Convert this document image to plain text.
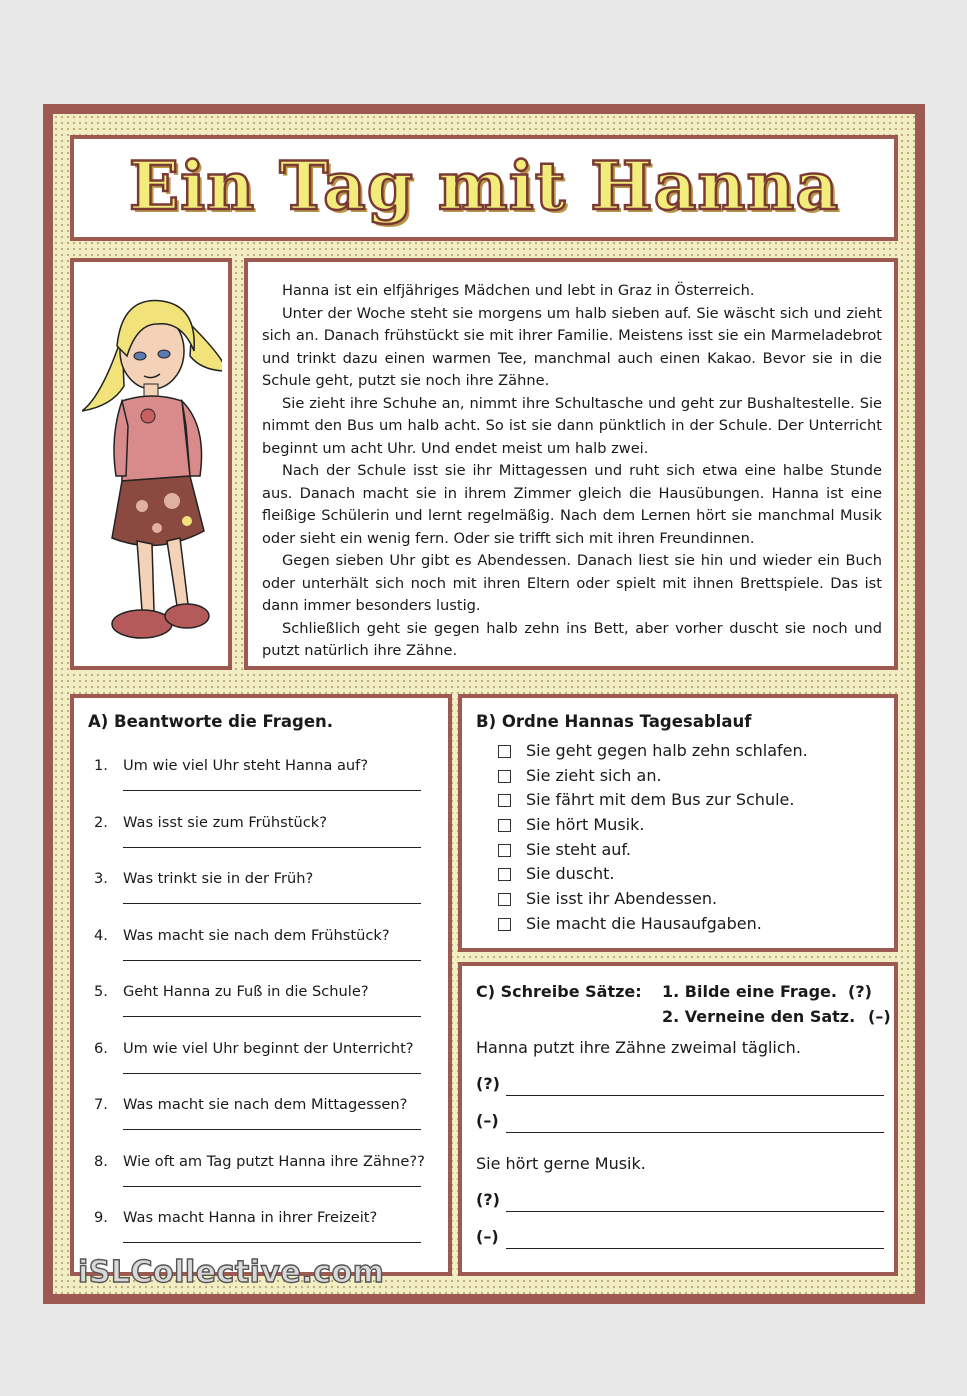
Ein Tag mit Hanna

Hanna ist ein elfjähriges Mädchen und lebt in Graz in Österreich.

Unter der Woche steht sie morgens um halb sieben auf. Sie wäscht sich und zieht sich an. Danach frühstückt sie mit ihrer Familie. Meistens isst sie ein Marmeladebrot und trinkt dazu einen warmen Tee, manchmal auch einen Kakao. Bevor sie in die Schule geht, putzt sie noch ihre Zähne.

Sie zieht ihre Schuhe an, nimmt ihre Schultasche und geht zur Bushaltestelle. Sie nimmt den Bus um halb acht. So ist sie dann pünktlich in der Schule. Der Unterricht beginnt um acht Uhr. Und endet meist um halb zwei.

Nach der Schule isst sie ihr Mittagessen und ruht sich etwa eine halbe Stunde aus. Danach macht sie in ihrem Zimmer gleich die Hausübungen. Hanna ist eine fleißige Schülerin und lernt regelmäßig. Nach dem Lernen hört sie manchmal Musik oder sieht ein wenig fern. Oder sie trifft sich mit ihren Freundinnen.

Gegen sieben Uhr gibt es Abendessen. Danach liest sie hin und wieder ein Buch oder unterhält sich noch mit ihren Eltern oder spielt mit ihnen Brettspiele. Das ist dann immer besonders lustig.

Schließlich geht sie gegen halb zehn ins Bett, aber vorher duscht sie noch und putzt natürlich ihre Zähne.

A) Beantworte die Fragen.

1. Um wie viel Uhr steht Hanna auf?
2. Was isst sie zum Frühstück?
3. Was trinkt sie in der Früh?
4. Was macht sie nach dem Frühstück?
5. Geht Hanna zu Fuß in die Schule?
6. Um wie viel Uhr beginnt der Unterricht?
7. Was macht sie nach dem Mittagessen?
8. Wie oft am Tag putzt Hanna ihre Zähne??
9. Was macht Hanna in ihrer Freizeit?

B) Ordne Hannas Tagesablauf

Sie geht gegen halb zehn schlafen.
Sie zieht sich an.
Sie fährt mit dem Bus zur Schule.
Sie hört Musik.
Sie steht auf.
Sie duscht.
Sie isst ihr Abendessen.
Sie macht die Hausaufgaben.
C) Schreibe Sätze: 1. Bilde eine Frage. (?)
2. Verneine den Satz. (–)

Hanna putzt ihre Zähne zweimal täglich.

(?)
(–)

Sie hört gerne Musik.

(?)
(–)
iSLCollective.com
